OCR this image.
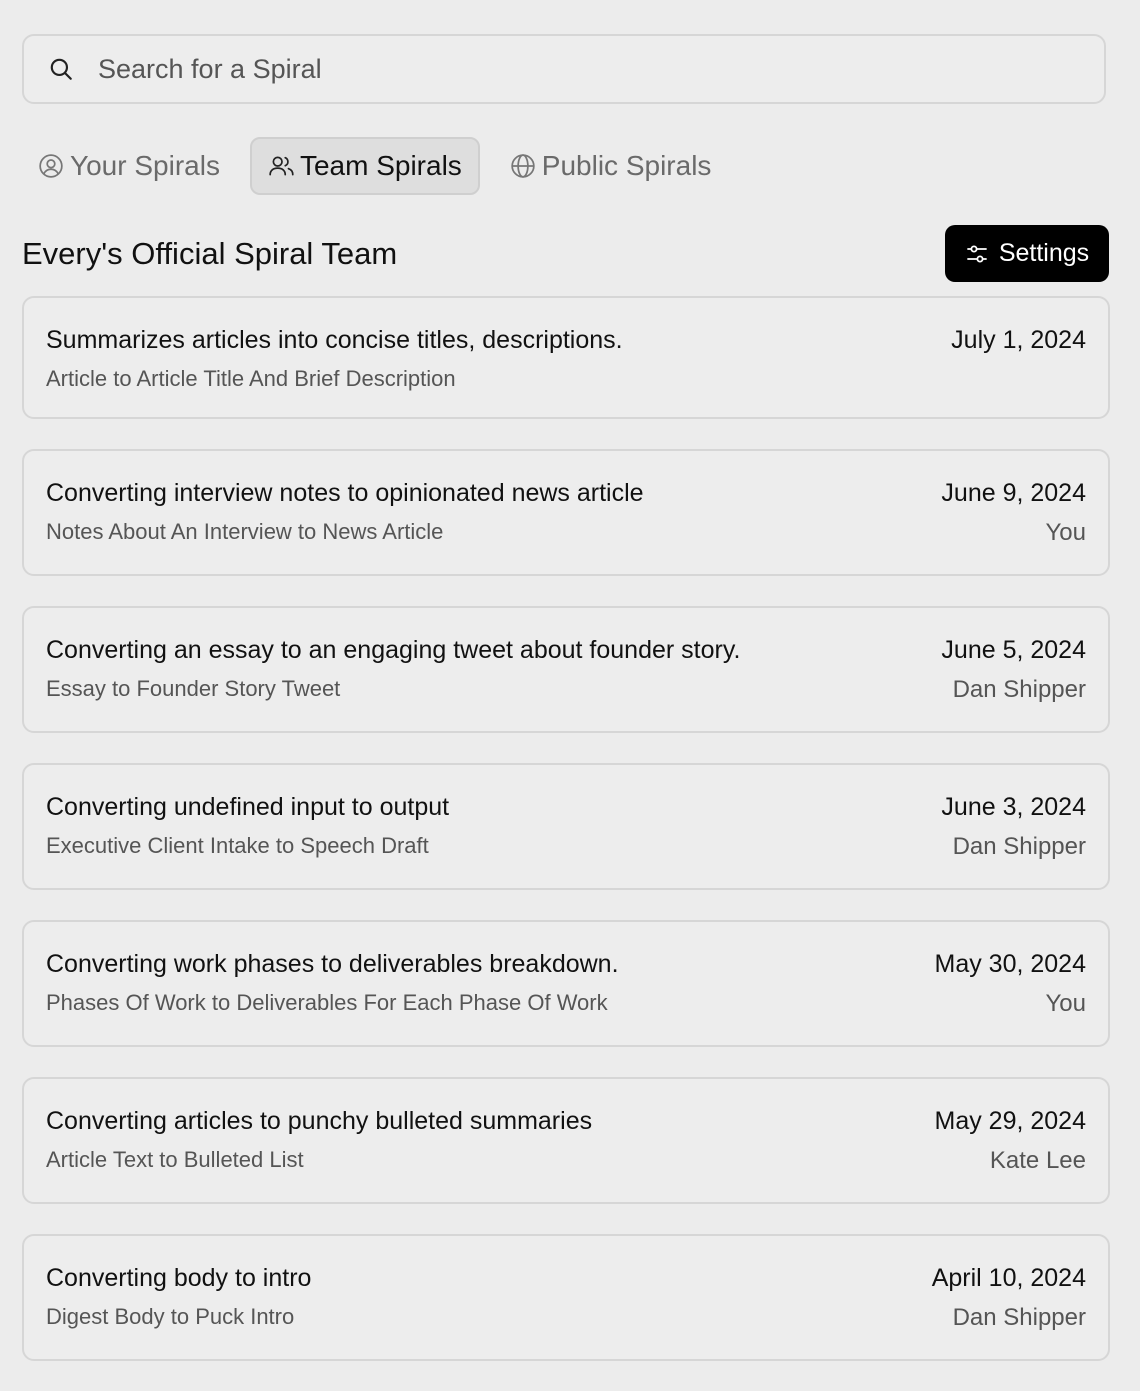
Search for a Spiral
Your Spirals	Team Spirals	Public Spirals
Every's Official Spiral Team	Settings
Summarizes articles into concise titles, descriptions.
Article to Article Title And Brief Description
July 1, 2024
Converting interview notes to opinionated news article
Notes About An Interview to News Article
June 9, 2024
You
Converting an essay to an engaging tweet about founder story.
Essay to Founder Story Tweet
June 5, 2024
Dan Shipper
Converting undefined input to output
Executive Client Intake to Speech Draft
June 3, 2024
Dan Shipper
Converting work phases to deliverables breakdown.
Phases Of Work to Deliverables For Each Phase Of Work
May 30, 2024
You
Converting articles to punchy bulleted summaries
Article Text to Bulleted List
May 29, 2024
Kate Lee
Converting body to intro
Digest Body to Puck Intro
April 10, 2024
Dan Shipper
